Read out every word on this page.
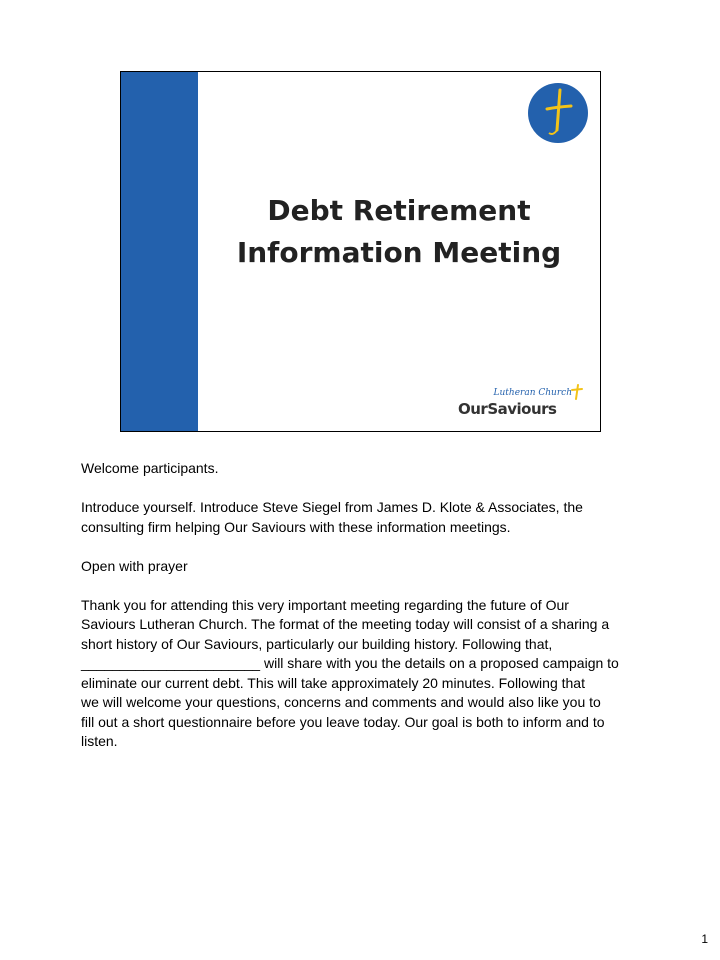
Debt Retirement
Information Meeting
Lutheran Church
OurSaviours

Welcome participants.

Introduce yourself. Introduce Steve Siegel from James D. Klote & Associates, the
consulting firm helping Our Saviours with these information meetings.

Open with prayer

Thank you for attending this very important meeting regarding the future of Our
Saviours Lutheran Church. The format of the meeting today will consist of a sharing a
short history of Our Saviours, particularly our building history. Following that,
_______________________ will share with you the details on a proposed campaign to
eliminate our current debt. This will take approximately 20 minutes. Following that
we will welcome your questions, concerns and comments and would also like you to
fill out a short questionnaire before you leave today. Our goal is both to inform and to
listen.

1
